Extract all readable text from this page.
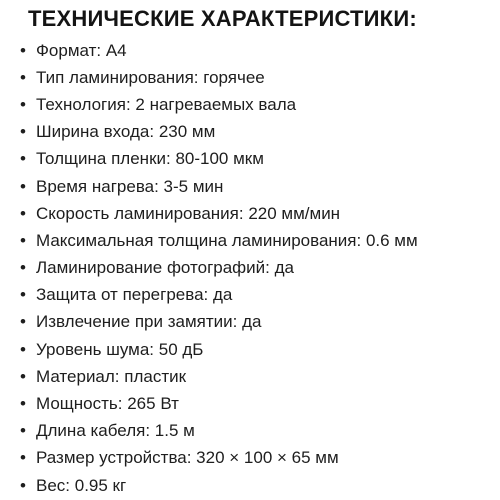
ТЕХНИЧЕСКИЕ ХАРАКТЕРИСТИКИ:
• Формат: А4
• Тип ламинирования: горячее
• Технология: 2 нагреваемых вала
• Ширина входа: 230 мм
• Толщина пленки: 80-100 мкм
• Время нагрева: 3-5 мин
• Скорость ламинирования: 220 мм/мин
• Максимальная толщина ламинирования: 0.6 мм
• Ламинирование фотографий: да
• Защита от перегрева: да
• Извлечение при замятии: да
• Уровень шума: 50 дБ
• Материал: пластик
• Мощность: 265 Вт
• Длина кабеля: 1.5 м
• Размер устройства: 320 × 100 × 65 мм
• Вес: 0.95 кг
